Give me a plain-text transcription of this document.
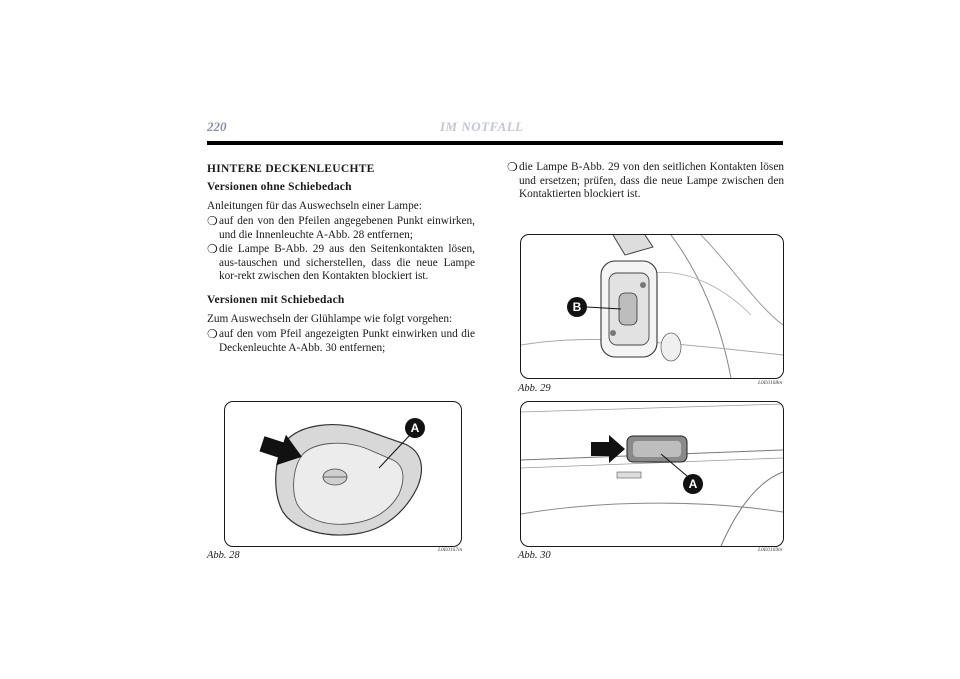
220	IM NOTFALL
HINTERE DECKENLEUCHTE
Versionen ohne Schiebedach
Anleitungen für das Auswechseln einer Lampe:
❍ auf den von den Pfeilen angegebenen Punkt einwirken, und die Innenleuchte A-Abb. 28 entfernen;
❍ die Lampe B-Abb. 29 aus den Seitenkontakten lösen, aus-tauschen und sicherstellen, dass die neue Lampe kor-rekt zwischen den Kontakten blockiert ist.
Versionen mit Schiebedach
Zum Auswechseln der Glühlampe wie folgt vorgehen:
❍ auf den vom Pfeil angezeigten Punkt einwirken und die Deckenleuchte A-Abb. 30 entfernen;
❍ die Lampe B-Abb. 29 von den seitlichen Kontakten lösen und ersetzen; prüfen, dass die neue Lampe zwischen den Kontaktierten blockiert ist.
A
Abb. 28	L0E0167m
B
Abb. 29	L0E0168m
A
Abb. 30	L0E0169m
